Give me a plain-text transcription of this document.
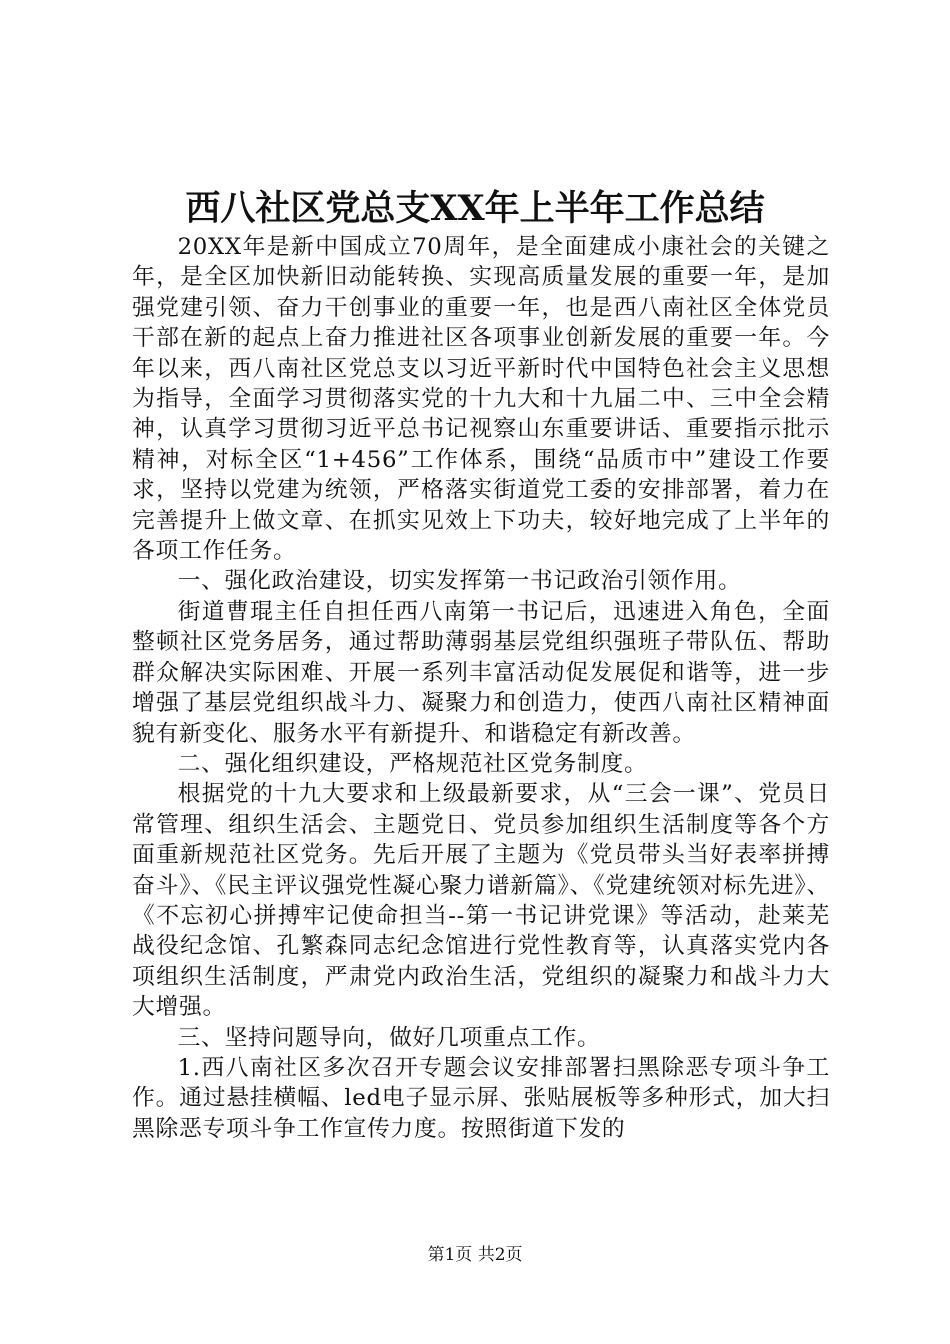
西八社区党总支XX年上半年工作总结

20XX年是新中国成立70周年，是全面建成小康社会的关键之年，是全区加快新旧动能转换、实现高质量发展的重要一年，是加强党建引领、奋力干创事业的重要一年，也是西八南社区全体党员干部在新的起点上奋力推进社区各项事业创新发展的重要一年。今年以来，西八南社区党总支以习近平新时代中国特色社会主义思想为指导，全面学习贯彻落实党的十九大和十九届二中、三中全会精神，认真学习贯彻习近平总书记视察山东重要讲话、重要指示批示精神，对标全区“1+456”工作体系，围绕“品质市中”建设工作要求，坚持以党建为统领，严格落实街道党工委的安排部署，着力在完善提升上做文章、在抓实见效上下功夫，较好地完成了上半年的各项工作任务。

一、强化政治建设，切实发挥第一书记政治引领作用。

街道曹琨主任自担任西八南第一书记后，迅速进入角色，全面整顿社区党务居务，通过帮助薄弱基层党组织强班子带队伍、帮助群众解决实际困难、开展一系列丰富活动促发展促和谐等，进一步增强了基层党组织战斗力、凝聚力和创造力，使西八南社区精神面貌有新变化、服务水平有新提升、和谐稳定有新改善。

二、强化组织建设，严格规范社区党务制度。

根据党的十九大要求和上级最新要求，从“三会一课”、党员日常管理、组织生活会、主题党日、党员参加组织生活制度等各个方面重新规范社区党务。先后开展了主题为《党员带头当好表率拼搏奋斗》、《民主评议强党性凝心聚力谱新篇》、《党建统领对标先进》、《不忘初心拼搏牢记使命担当--第一书记讲党课》等活动，赴莱芜战役纪念馆、孔繁森同志纪念馆进行党性教育等，认真落实党内各项组织生活制度，严肃党内政治生活，党组织的凝聚力和战斗力大大增强。

三、坚持问题导向，做好几项重点工作。

1.西八南社区多次召开专题会议安排部署扫黑除恶专项斗争工作。通过悬挂横幅、led电子显示屏、张贴展板等多种形式，加大扫黑除恶专项斗争工作宣传力度。按照街道下发的

第1页 共2页
